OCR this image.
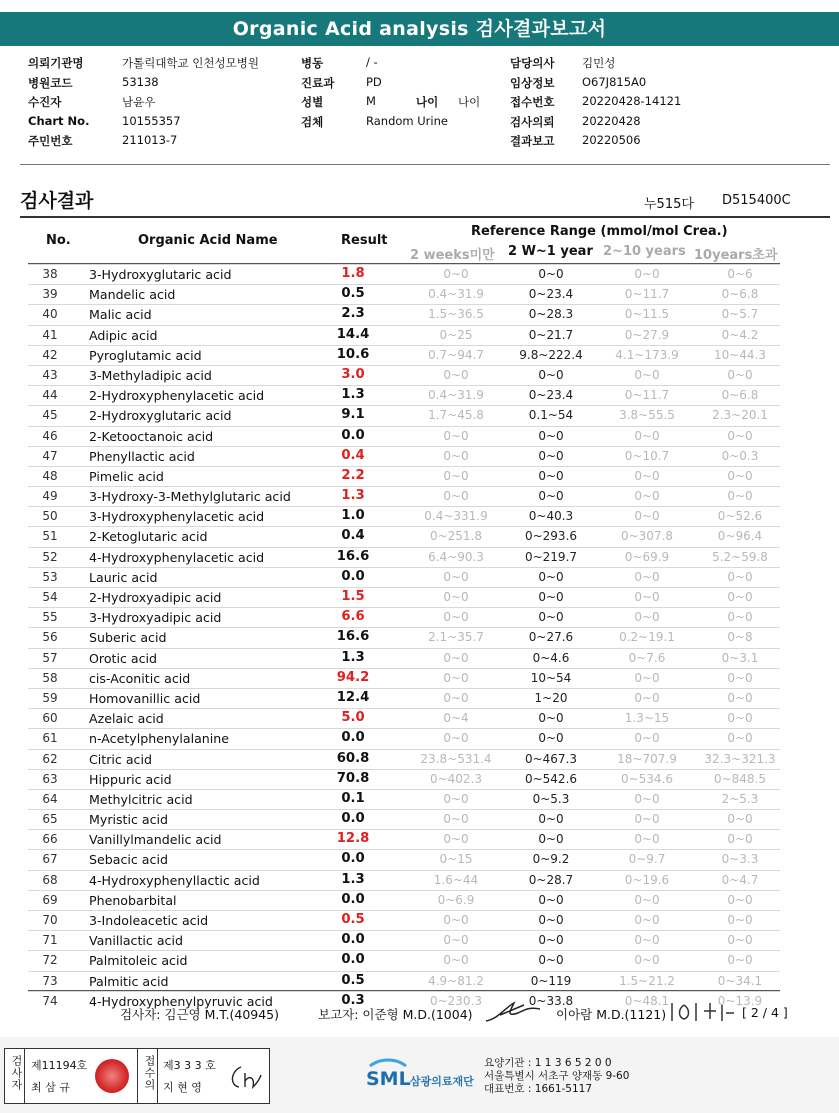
Organic Acid analysis 검사결과보고서
의뢰기관명	가톨릭대학교 인천성모병원	병동	/ -	담당의사 김민성
병원코드	53138	진료과	PD	임상정보 O67J815A0
수진자	남윤우	성별	M	나이 나이	접수번호 20220428-14121
Chart No.	10155357	검체	Random Urine	검사의뢰 20220428
주민번호	211013-7	결과보고 20220506
검사결과	누515다 D515400C
No.	Organic Acid Name	Result
Reference Range (mmol/mol Crea.)
2 weeks미만 2 W~1 year 2~10 years 10years초과
38	3-Hydroxyglutaric acid	1.8	0~0	0~0	0~0	0~6
39	Mandelic acid	0.5	0.4~31.9	0~23.4	0~11.7	0~6.8
40	Malic acid	2.3	1.5~36.5	0~28.3	0~11.5	0~5.7
41	Adipic acid	14.4	0~25	0~21.7	0~27.9	0~4.2
42	Pyroglutamic acid	10.6	0.7~94.7	9.8~222.4	4.1~173.9	10~44.3
43	3-Methyladipic acid	3.0	0~0	0~0	0~0	0~0
44	2-Hydroxyphenylacetic acid	1.3	0.4~31.9	0~23.4	0~11.7	0~6.8
45	2-Hydroxyglutaric acid	9.1	1.7~45.8	0.1~54	3.8~55.5	2.3~20.1
46	2-Ketooctanoic acid	0.0	0~0	0~0	0~0	0~0
47	Phenyllactic acid	0.4	0~0	0~0	0~10.7	0~0.3
48	Pimelic acid	2.2	0~0	0~0	0~0	0~0
49	3-Hydroxy-3-Methylglutaric acid	1.3	0~0	0~0	0~0	0~0
50	3-Hydroxyphenylacetic acid	1.0	0.4~331.9	0~40.3	0~0	0~52.6
51	2-Ketoglutaric acid	0.4	0~251.8	0~293.6	0~307.8	0~96.4
52	4-Hydroxyphenylacetic acid	16.6	6.4~90.3	0~219.7	0~69.9	5.2~59.8
53	Lauric acid	0.0	0~0	0~0	0~0	0~0
54	2-Hydroxyadipic acid	1.5	0~0	0~0	0~0	0~0
55	3-Hydroxyadipic acid	6.6	0~0	0~0	0~0	0~0
56	Suberic acid	16.6	2.1~35.7	0~27.6	0.2~19.1	0~8
57	Orotic acid	1.3	0~0	0~4.6	0~7.6	0~3.1
58	cis-Aconitic acid	94.2	0~0	10~54	0~0	0~0
59	Homovanillic acid	12.4	0~0	1~20	0~0	0~0
60	Azelaic acid	5.0	0~4	0~0	1.3~15	0~0
61	n-Acetylphenylalanine	0.0	0~0	0~0	0~0	0~0
62	Citric acid	60.8	23.8~531.4	0~467.3	18~707.9	32.3~321.3
63	Hippuric acid	70.8	0~402.3	0~542.6	0~534.6	0~848.5
64	Methylcitric acid	0.1	0~0	0~5.3	0~0	2~5.3
65	Myristic acid	0.0	0~0	0~0	0~0	0~0
66	Vanillylmandelic acid	12.8	0~0	0~0	0~0	0~0
67	Sebacic acid	0.0	0~15	0~9.2	0~9.7	0~3.3
68	4-Hydroxyphenyllactic acid	1.3	1.6~44	0~28.7	0~19.6	0~4.7
69	Phenobarbital	0.0	0~6.9	0~0	0~0	0~0
70	3-Indoleacetic acid	0.5	0~0	0~0	0~0	0~0
71	Vanillactic acid	0.0	0~0	0~0	0~0	0~0
72	Palmitoleic acid	0.0	0~0	0~0	0~0	0~0
73	Palmitic acid	0.5	4.9~81.2	0~119	1.5~21.2	0~34.1
74	4-Hydroxyphenylpyruvic acid	0.3	0~230.3	0~33.8	0~48.1	0~13.9
검사자: 김근영 M.T.(40945)	보고자: 이준형 M.D.(1004)	이아람 M.D.(1121)	[ 2 / 4 ]
검사자 제11194호
최 삼 규	접수의 제3 3 3 호
지 현 영	SML 삼광의료재단
요양기관 : 1 1 3 6 5 2 0 0
서울특별시 서초구 양재동 9-60
대표번호 : 1661-5117
